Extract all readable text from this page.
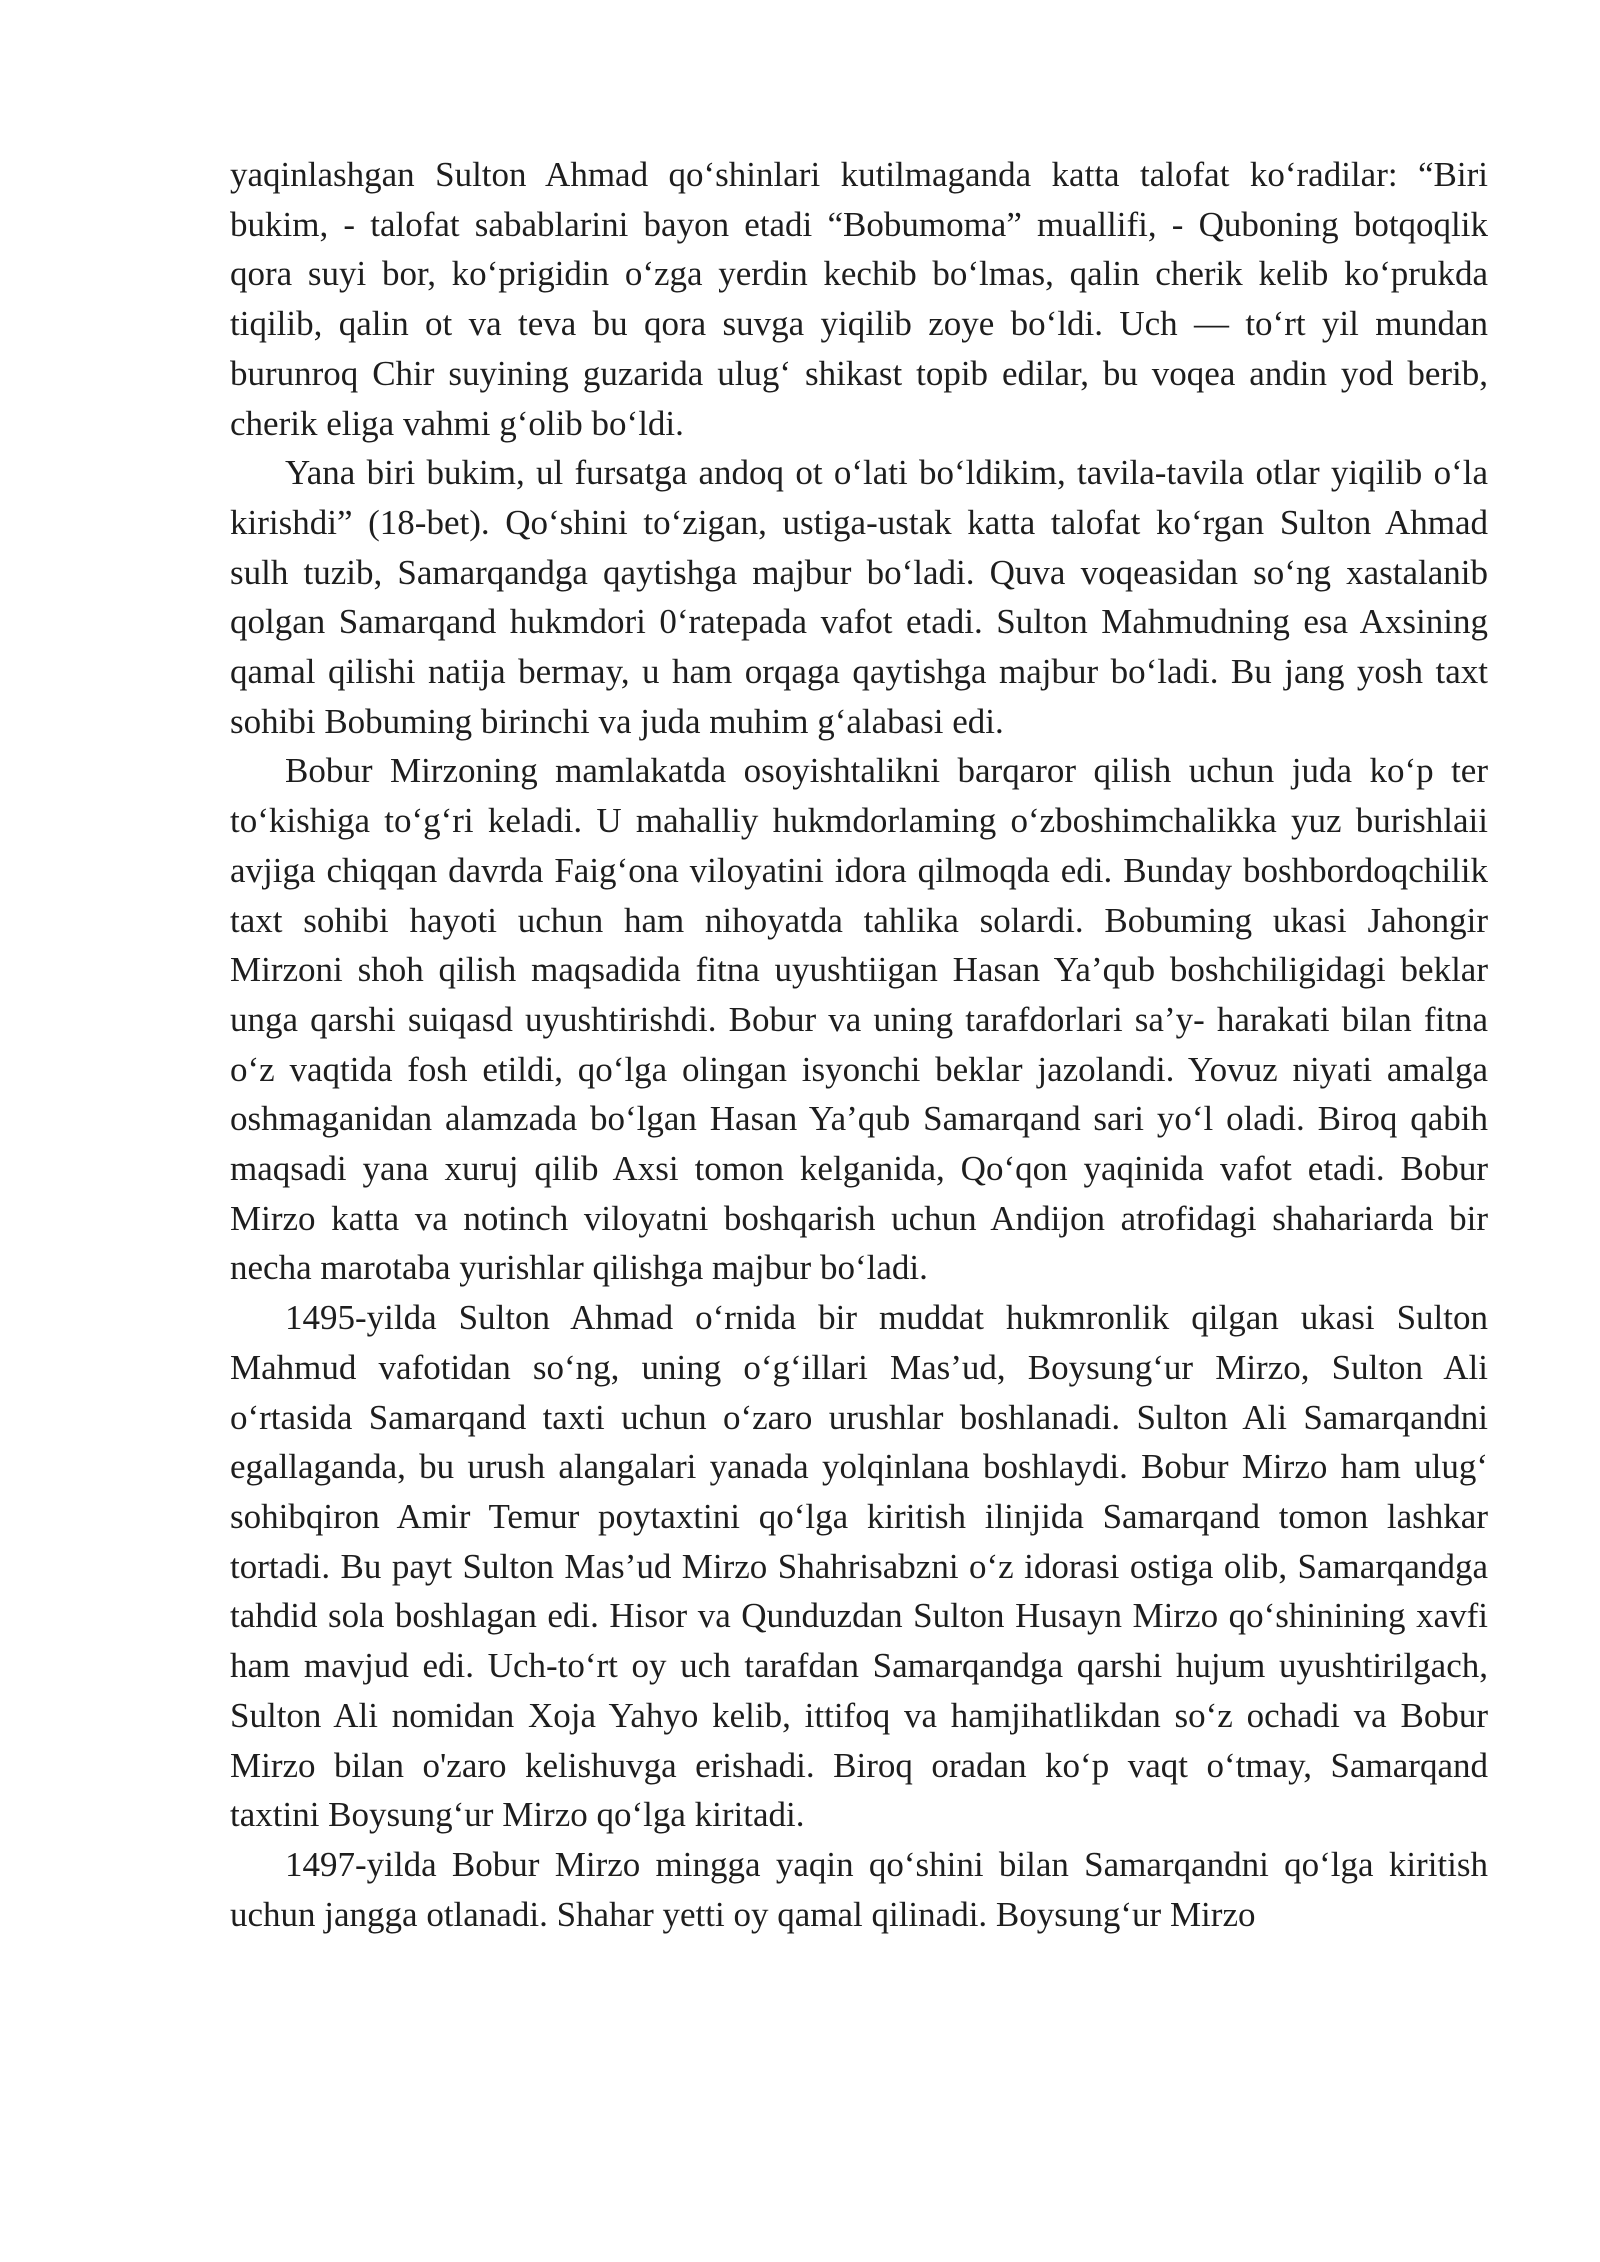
yaqinlashgan Sulton Ahmad qo‘shinlari kutilmaganda katta talofat ko‘radilar: “Biri bukim, - talofat sabablarini bayon etadi “Bobumoma” muallifi, - Quboning botqoqlik qora suyi bor, ko‘prigidin o‘zga yerdin kechib bo‘lmas, qalin cherik kelib ko‘prukda tiqilib, qalin ot va teva bu qora suvga yiqilib zoye bo‘ldi. Uch — to‘rt yil mundan burunroq Chir suyining guzarida ulug‘ shikast topib edilar, bu voqea andin yod berib, cherik eliga vahmi g‘olib bo‘ldi.

Yana biri bukim, ul fursatga andoq ot o‘lati bo‘ldikim, tavila-tavila otlar yiqilib o‘la kirishdi” (18-bet). Qo‘shini to‘zigan, ustiga-ustak katta talofat ko‘rgan Sulton Ahmad sulh tuzib, Samarqandga qaytishga majbur bo‘ladi. Quva voqeasidan so‘ng xastalanib qolgan Samarqand hukmdori 0‘ratepada vafot etadi. Sulton Mahmudning esa Axsining qamal qilishi natija bermay, u ham orqaga qaytishga majbur bo‘ladi. Bu jang yosh taxt sohibi Bobuming birinchi va juda muhim g‘alabasi edi.

Bobur Mirzoning mamlakatda osoyishtalikni barqaror qilish uchun juda ko‘p ter to‘kishiga to‘g‘ri keladi. U mahalliy hukmdorlaming o‘zboshimchalikka yuz burishlaii avjiga chiqqan davrda Faig‘ona viloyatini idora qilmoqda edi. Bunday boshbordoqchilik taxt sohibi hayoti uchun ham nihoyatda tahlika solardi. Bobuming ukasi Jahongir Mirzoni shoh qilish maqsadida fitna uyushtiigan Hasan Ya’qub boshchiligidagi beklar unga qarshi suiqasd uyushtirishdi. Bobur va uning tarafdorlari sa’y- harakati bilan fitna o‘z vaqtida fosh etildi, qo‘lga olingan isyonchi beklar jazolandi. Yovuz niyati amalga oshmaganidan alamzada bo‘lgan Hasan Ya’qub Samarqand sari yo‘l oladi. Biroq qabih maqsadi yana xuruj qilib Axsi tomon kelganida, Qo‘qon yaqinida vafot etadi. Bobur Mirzo katta va notinch viloyatni boshqarish uchun Andijon atrofidagi shahariarda bir necha marotaba yurishlar qilishga majbur bo‘ladi.

1495-yilda Sulton Ahmad o‘rnida bir muddat hukmronlik qilgan ukasi Sulton Mahmud vafotidan so‘ng, uning o‘g‘illari Mas’ud, Boysung‘ur Mirzo, Sulton Ali o‘rtasida Samarqand taxti uchun o‘zaro urushlar boshlanadi. Sulton Ali Samarqandni egallaganda, bu urush alangalari yanada yolqinlana boshlaydi. Bobur Mirzo ham ulug‘ sohibqiron Amir Temur poytaxtini qo‘lga kiritish ilinjida Samarqand tomon lashkar tortadi. Bu payt Sulton Mas’ud Mirzo Shahrisabzni o‘z idorasi ostiga olib, Samarqandga tahdid sola boshlagan edi. Hisor va Qunduzdan Sulton Husayn Mirzo qo‘shinining xavfi ham mavjud edi. Uch-to‘rt oy uch tarafdan Samarqandga qarshi hujum uyushtirilgach, Sulton Ali nomidan Xoja Yahyo kelib, ittifoq va hamjihatlikdan so‘z ochadi va Bobur Mirzo bilan o'zaro kelishuvga erishadi. Biroq oradan ko‘p vaqt o‘tmay, Samarqand taxtini Boysung‘ur Mirzo qo‘lga kiritadi.

1497-yilda Bobur Mirzo mingga yaqin qo‘shini bilan Samarqandni qo‘lga kiritish uchun jangga otlanadi. Shahar yetti oy qamal qilinadi. Boysung‘ur Mirzo
